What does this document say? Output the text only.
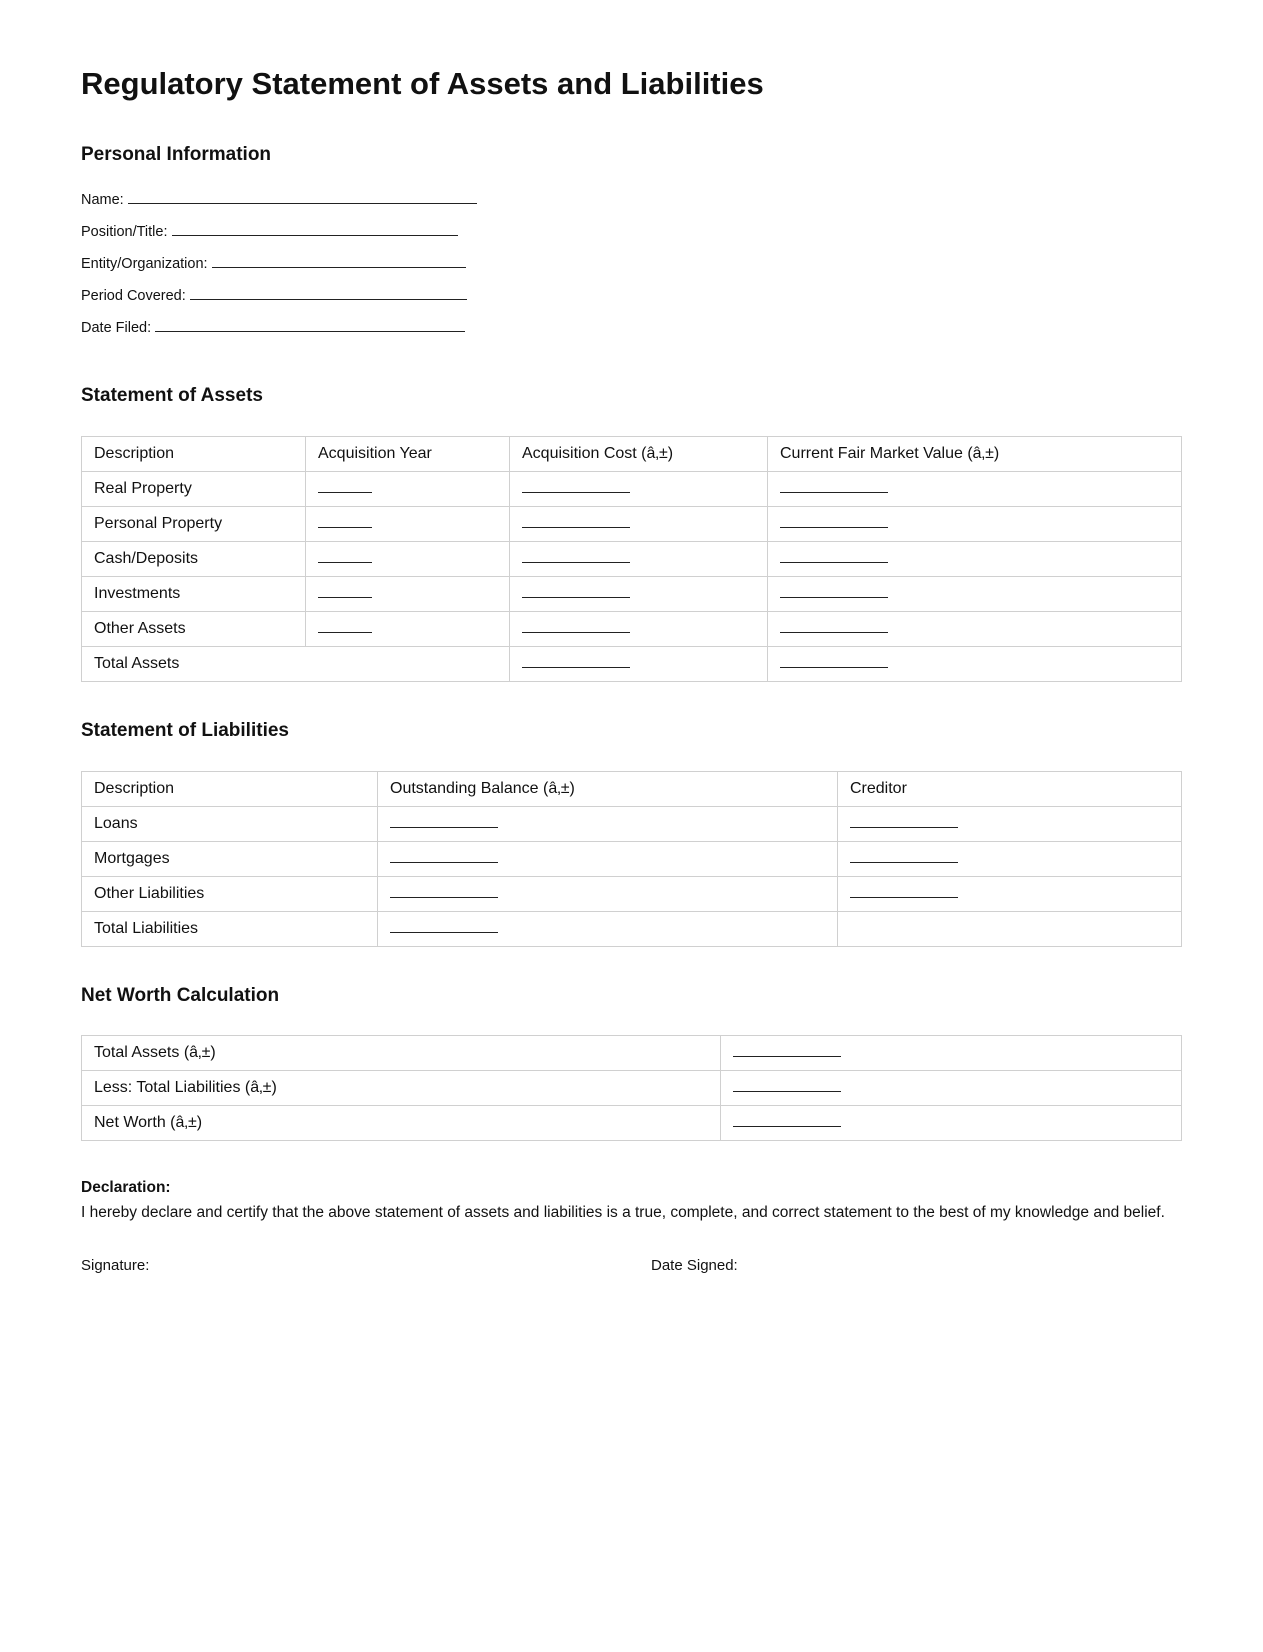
Regulatory Statement of Assets and Liabilities
Personal Information
Name:
Position/Title:
Entity/Organization:
Period Covered:
Date Filed:
Statement of Assets
Description	Acquisition Year	Acquisition Cost (â‚±)	Current Fair Market Value (â‚±)
Real Property			
Personal Property			
Cash/Deposits			
Investments			
Other Assets			
Total Assets			
Statement of Liabilities
Description	Outstanding Balance (â‚±)	Creditor
Loans		
Mortgages		
Other Liabilities		
Total Liabilities		
Net Worth Calculation
Total Assets (â‚±)	
Less: Total Liabilities (â‚±)	
Net Worth (â‚±)	
Declaration:
I hereby declare and certify that the above statement of assets and liabilities is a true, complete, and correct statement to the best of my knowledge and belief.
Signature:	Date Signed:
